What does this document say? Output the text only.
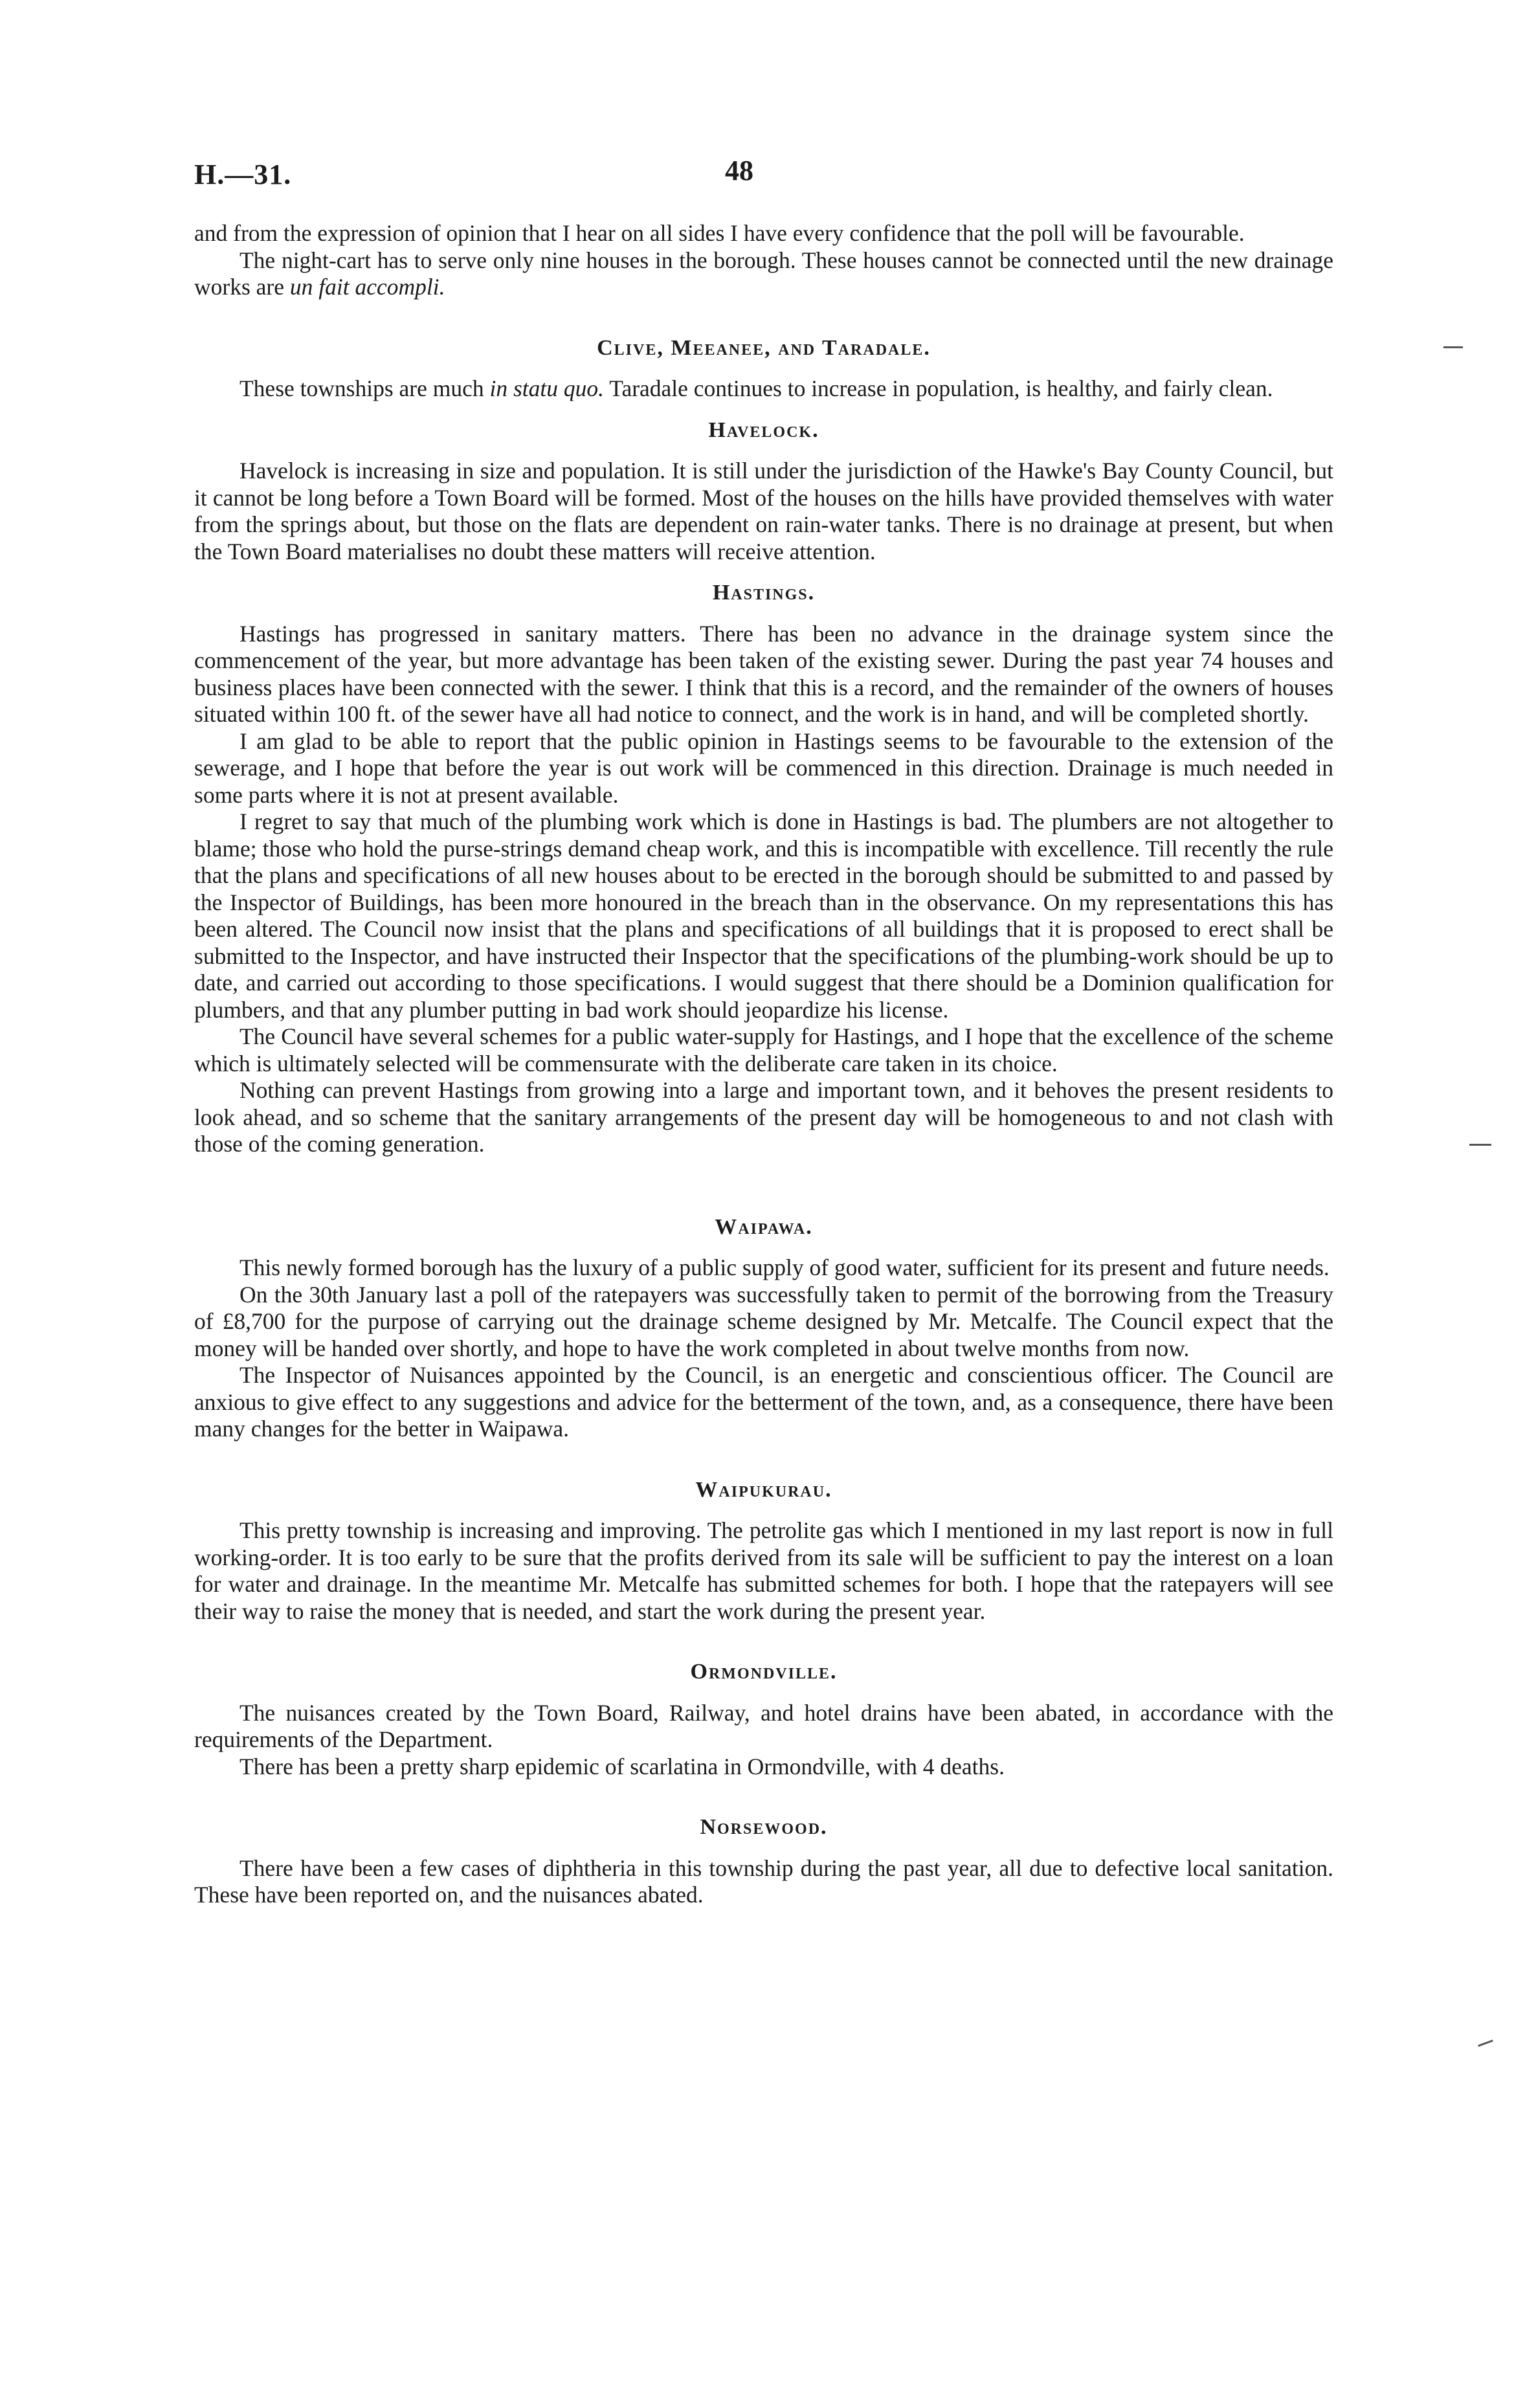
H.—31.	48

and from the expression of opinion that I hear on all sides I have every confidence that the poll will be favourable.

The night-cart has to serve only nine houses in the borough. These houses cannot be connected until the new drainage works are un fait accompli.

Clive, Meeanee, and Taradale.

These townships are much in statu quo. Taradale continues to increase in population, is healthy, and fairly clean.

Havelock.

Havelock is increasing in size and population. It is still under the jurisdiction of the Hawke's Bay County Council, but it cannot be long before a Town Board will be formed. Most of the houses on the hills have provided themselves with water from the springs about, but those on the flats are dependent on rain-water tanks. There is no drainage at present, but when the Town Board materialises no doubt these matters will receive attention.

Hastings.

Hastings has progressed in sanitary matters. There has been no advance in the drainage system since the commencement of the year, but more advantage has been taken of the existing sewer. During the past year 74 houses and business places have been connected with the sewer. I think that this is a record, and the remainder of the owners of houses situated within 100 ft. of the sewer have all had notice to connect, and the work is in hand, and will be completed shortly.

I am glad to be able to report that the public opinion in Hastings seems to be favourable to the extension of the sewerage, and I hope that before the year is out work will be commenced in this direction. Drainage is much needed in some parts where it is not at present available.

I regret to say that much of the plumbing work which is done in Hastings is bad. The plumbers are not altogether to blame; those who hold the purse-strings demand cheap work, and this is incompatible with excellence. Till recently the rule that the plans and specifications of all new houses about to be erected in the borough should be submitted to and passed by the Inspector of Buildings, has been more honoured in the breach than in the observance. On my representations this has been altered. The Council now insist that the plans and specifications of all buildings that it is proposed to erect shall be submitted to the Inspector, and have instructed their Inspector that the specifications of the plumbing-work should be up to date, and carried out according to those specifications. I would suggest that there should be a Dominion qualification for plumbers, and that any plumber putting in bad work should jeopardize his license.

The Council have several schemes for a public water-supply for Hastings, and I hope that the excellence of the scheme which is ultimately selected will be commensurate with the deliberate care taken in its choice.

Nothing can prevent Hastings from growing into a large and important town, and it behoves the present residents to look ahead, and so scheme that the sanitary arrangements of the present day will be homogeneous to and not clash with those of the coming generation.

Waipawa.

This newly formed borough has the luxury of a public supply of good water, sufficient for its present and future needs.

On the 30th January last a poll of the ratepayers was successfully taken to permit of the borrowing from the Treasury of £8,700 for the purpose of carrying out the drainage scheme designed by Mr. Metcalfe. The Council expect that the money will be handed over shortly, and hope to have the work completed in about twelve months from now.

The Inspector of Nuisances appointed by the Council, is an energetic and conscientious officer. The Council are anxious to give effect to any suggestions and advice for the betterment of the town, and, as a consequence, there have been many changes for the better in Waipawa.

Waipukurau.

This pretty township is increasing and improving. The petrolite gas which I mentioned in my last report is now in full working-order. It is too early to be sure that the profits derived from its sale will be sufficient to pay the interest on a loan for water and drainage. In the meantime Mr. Metcalfe has submitted schemes for both. I hope that the ratepayers will see their way to raise the money that is needed, and start the work during the present year.

Ormondville.

The nuisances created by the Town Board, Railway, and hotel drains have been abated, in accordance with the requirements of the Department.

There has been a pretty sharp epidemic of scarlatina in Ormondville, with 4 deaths.

Norsewood.

There have been a few cases of diphtheria in this township during the past year, all due to defective local sanitation. These have been reported on, and the nuisances abated.
